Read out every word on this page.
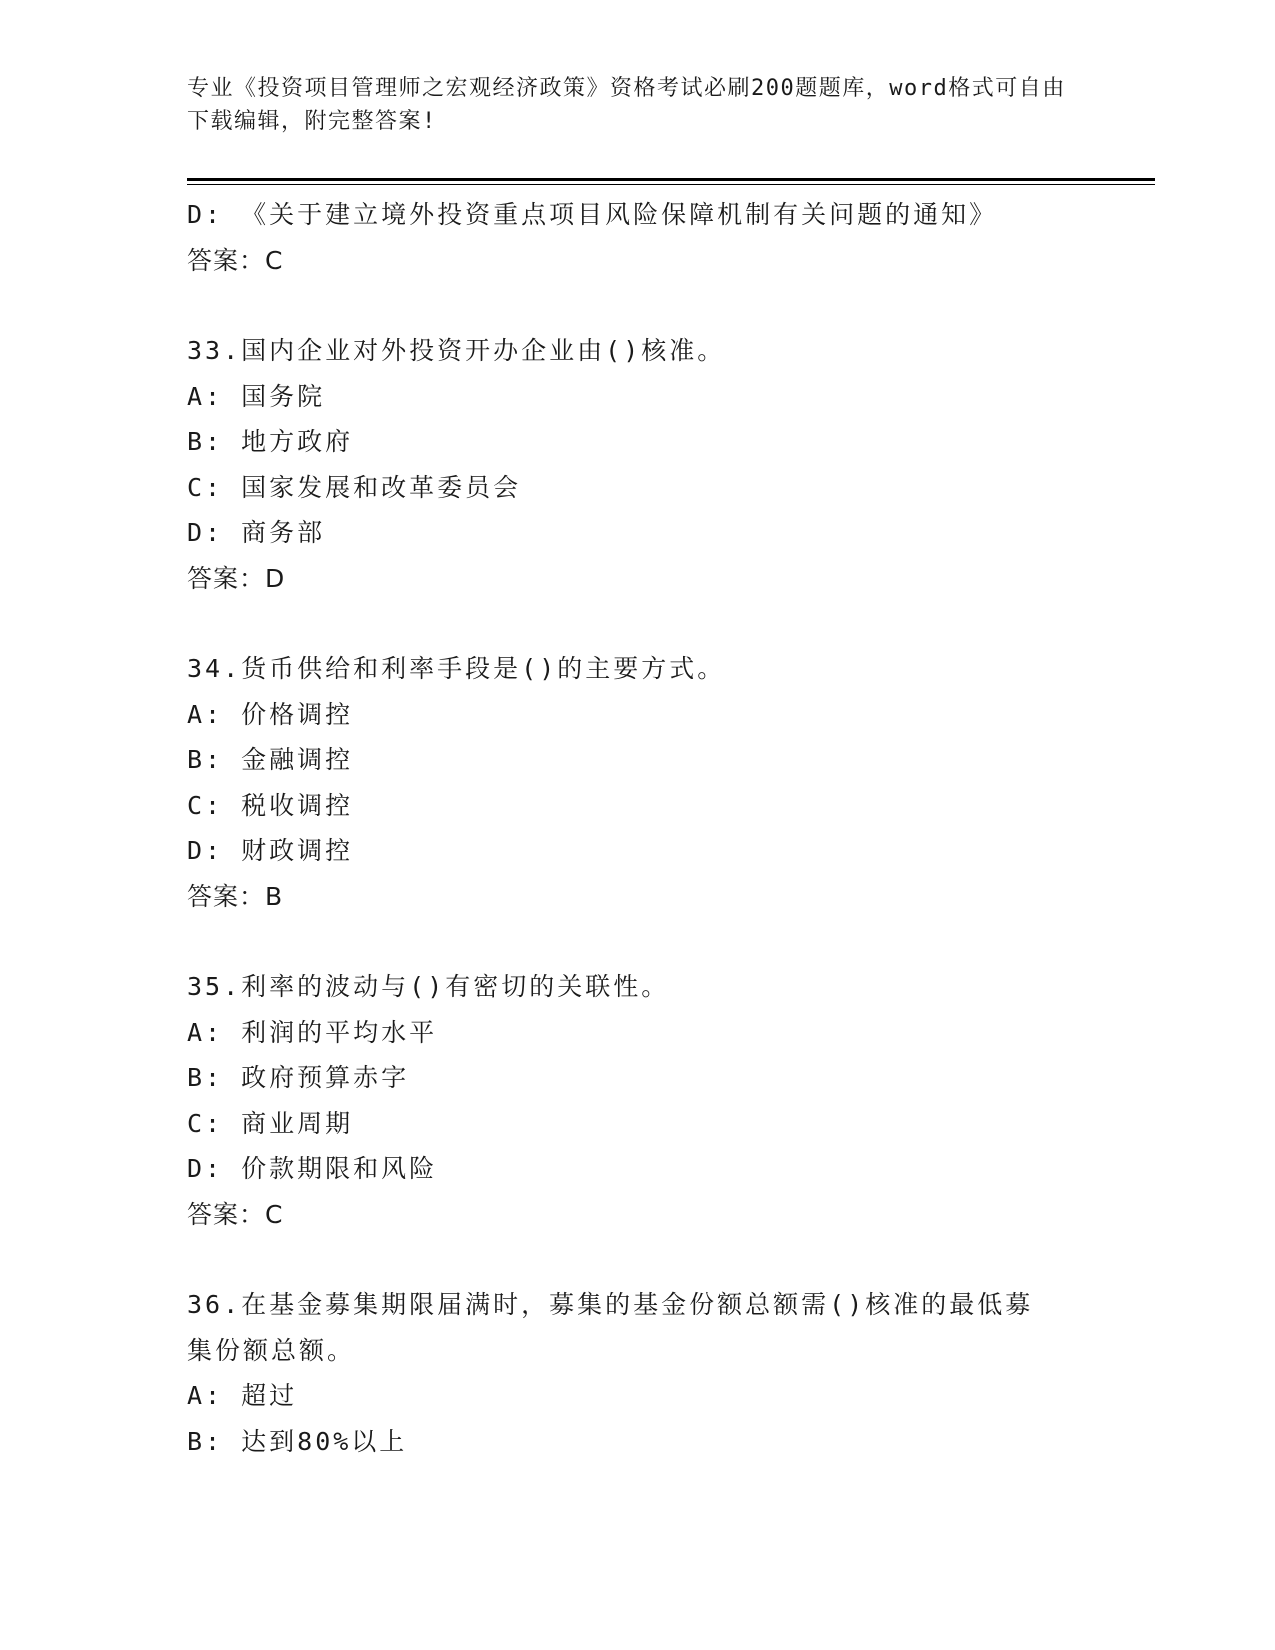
专业《投资项目管理师之宏观经济政策》资格考试必刷200题题库，word格式可自由下载编辑，附完整答案!
D: 《关于建立境外投资重点项目风险保障机制有关问题的通知》
答案：C
33.国内企业对外投资开办企业由()核准。
A: 国务院
B: 地方政府
C: 国家发展和改革委员会
D: 商务部
答案：D
34.货币供给和利率手段是()的主要方式。
A: 价格调控
B: 金融调控
C: 税收调控
D: 财政调控
答案：B
35.利率的波动与()有密切的关联性。
A: 利润的平均水平
B: 政府预算赤字
C: 商业周期
D: 价款期限和风险
答案：C
36.在基金募集期限届满时，募集的基金份额总额需()核准的最低募集份额总额。
A: 超过
B: 达到80%以上
